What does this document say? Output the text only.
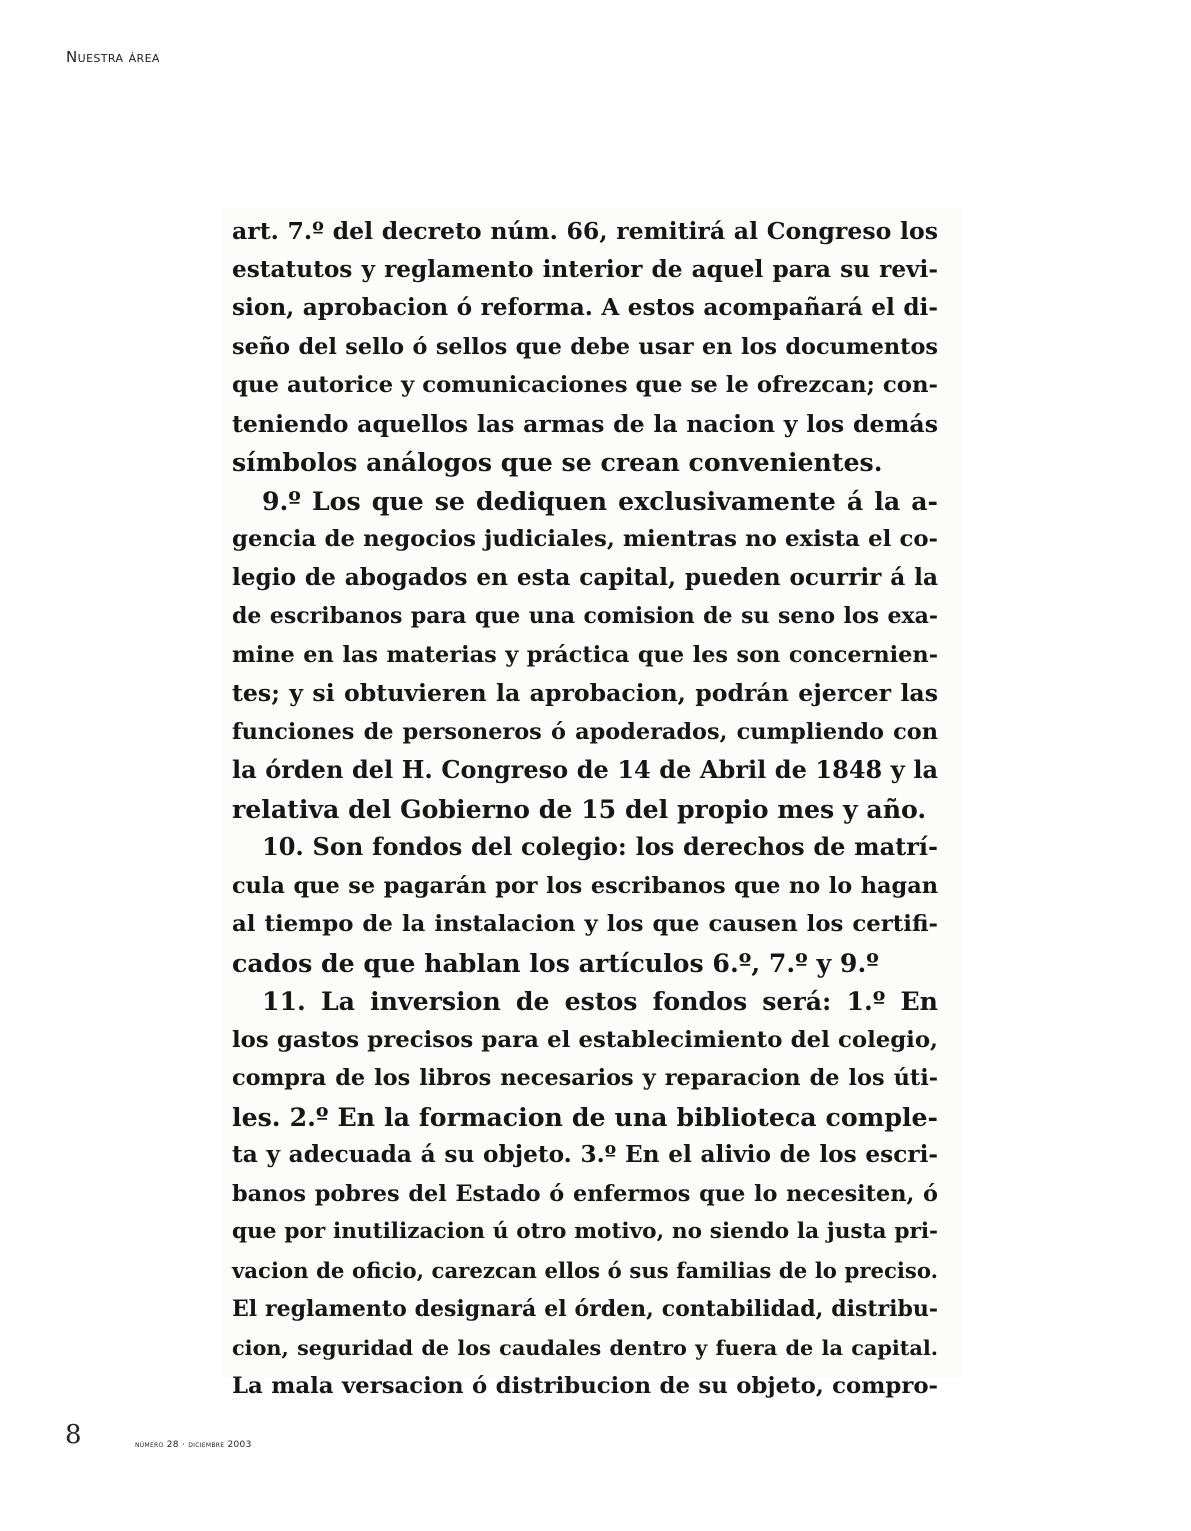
Nuestra área
art. 7.º del decreto núm. 66, remitirá al Congreso los
estatutos y reglamento interior de aquel para su revi-
sion, aprobacion ó reforma. A estos acompañará el di-
seño del sello ó sellos que debe usar en los documentos
que autorice y comunicaciones que se le ofrezcan; con-
teniendo aquellos las armas de la nacion y los demás
símbolos análogos que se crean convenientes.
9.º Los que se dediquen exclusivamente á la a-
gencia de negocios judiciales, mientras no exista el co-
legio de abogados en esta capital, pueden ocurrir á la
de escribanos para que una comision de su seno los exa-
mine en las materias y práctica que les son concernien-
tes; y si obtuvieren la aprobacion, podrán ejercer las
funciones de personeros ó apoderados, cumpliendo con
la órden del H. Congreso de 14 de Abril de 1848 y la
relativa del Gobierno de 15 del propio mes y año.
10. Son fondos del colegio: los derechos de matrí-
cula que se pagarán por los escribanos que no lo hagan
al tiempo de la instalacion y los que causen los certifi-
cados de que hablan los artículos 6.º, 7.º y 9.º
11. La inversion de estos fondos será: 1.º En
los gastos precisos para el establecimiento del colegio,
compra de los libros necesarios y reparacion de los úti-
les. 2.º En la formacion de una biblioteca comple-
ta y adecuada á su objeto. 3.º En el alivio de los escri-
banos pobres del Estado ó enfermos que lo necesiten, ó
que por inutilizacion ú otro motivo, no siendo la justa pri-
vacion de oficio, carezcan ellos ó sus familias de lo preciso.
El reglamento designará el órden, contabilidad, distribu-
cion, seguridad de los caudales dentro y fuera de la capital.
La mala versacion ó distribucion de su objeto, compro-
8	número 28 · diciembre 2003
